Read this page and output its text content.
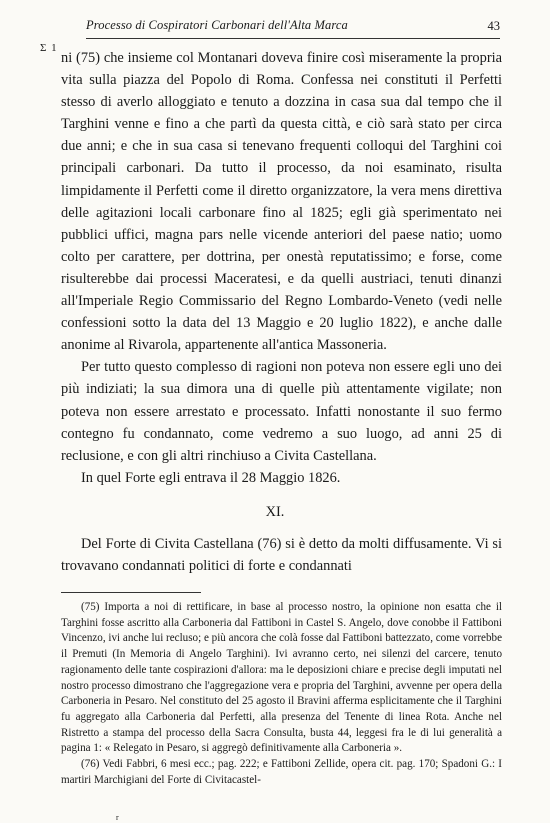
Processo di Cospiratori Carbonari dell'Alta Marca	43
Σ 1

ni (75) che insieme col Montanari doveva finire così miseramente la propria vita sulla piazza del Popolo di Roma. Confessa nei constituti il Perfetti stesso di averlo alloggiato e tenuto a dozzina in casa sua dal tempo che il Targhini venne e fino a che partì da questa città, e ciò sarà stato per circa due anni; e che in sua casa si tenevano frequenti colloqui del Targhini coi principali carbonari. Da tutto il processo, da noi esaminato, risulta limpidamente il Perfetti come il diretto organizzatore, la vera mens direttiva delle agitazioni locali carbonare fino al 1825; egli già sperimentato nei pubblici uffici, magna pars nelle vicende anteriori del paese natio; uomo colto per carattere, per dottrina, per onestà reputatissimo; e forse, come risulterebbe dai processi Maceratesi, e da quelli austriaci, tenuti dinanzi all'Imperiale Regio Commissario del Regno Lombardo-Veneto (vedi nelle confessioni sotto la data del 13 Maggio e 20 luglio 1822), e anche dalle anonime al Rivarola, appartenente all'antica Massoneria.

Per tutto questo complesso di ragioni non poteva non essere egli uno dei più indiziati; la sua dimora una di quelle più attentamente vigilate; non poteva non essere arrestato e processato. Infatti nonostante il suo fermo contegno fu condannato, come vedremo a suo luogo, ad anni 25 di reclusione, e con gli altri rinchiuso a Civita Castellana.

In quel Forte egli entrava il 28 Maggio 1826.

XI.

Del Forte di Civita Castellana (76) si è detto da molti diffusamente. Vi si trovavano condannati politici di forte e condannati

(75) Importa a noi di rettificare, in base al processo nostro, la opinione non esatta che il Targhini fosse ascritto alla Carboneria dal Fattiboni in Castel S. Angelo, dove conobbe il Fattiboni Vincenzo, ivi anche lui recluso; e più ancora che colà fosse dal Fattiboni battezzato, come vorrebbe il Premuti (In Memoria di Angelo Targhini). Ivi avranno certo, nei silenzi del carcere, tenuto ragionamento delle tante cospirazioni d'allora: ma le deposizioni chiare e precise degli imputati nel nostro processo dimostrano che l'aggregazione vera e propria del Targhini, avvenne per opera della Carboneria in Pesaro. Nel constituto del 25 agosto il Bravini afferma esplicitamente che il Targhini fu aggregato alla Carboneria dal Perfetti, alla presenza del Tenente di linea Rota. Anche nel Ristretto a stampa del processo della Sacra Consulta, busta 44, leggesi fra le di lui generalità a pagina 1: « Relegato in Pesaro, si aggregò definitivamente alla Carboneria ».

(76) Vedi Fabbri, 6 mesi ecc.; pag. 222; e Fattiboni Zellide, opera cit. pag. 170; Spadoni G.: I martiri Marchigiani del Forte di Civitacastel-

r
